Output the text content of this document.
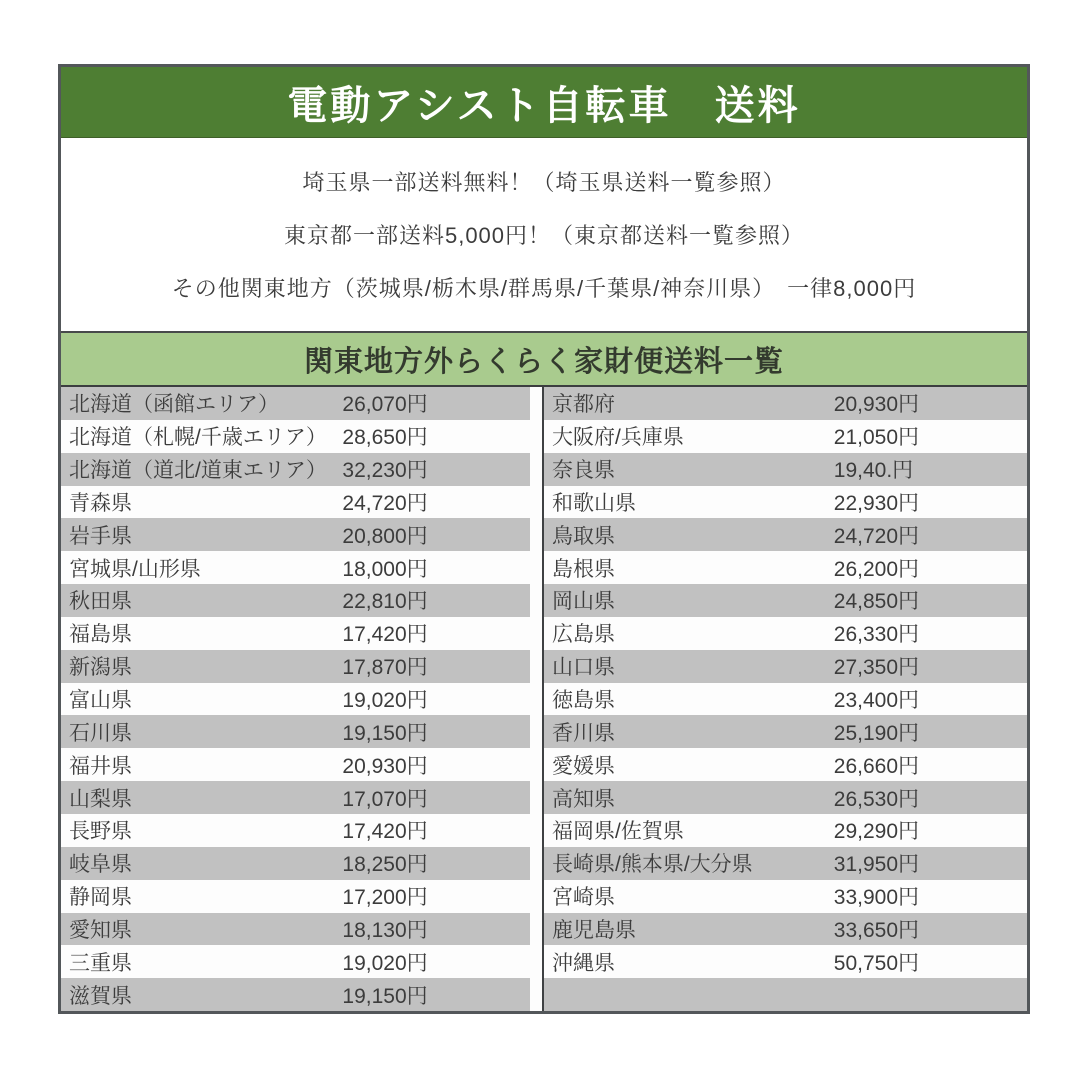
電動アシスト自転車　送料
埼玉県一部送料無料！（埼玉県送料一覧参照）
東京都一部送料5,000円！（東京都送料一覧参照）
その他関東地方（茨城県/栃木県/群馬県/千葉県/神奈川県）　一律8,000円
関東地方外らくらく家財便送料一覧
北海道（函館エリア）	26,070円
北海道（札幌/千歳エリア） 28,650円
北海道（道北/道東エリア） 32,230円
青森県	24,720円
岩手県	20,800円
宮城県/山形県	18,000円
秋田県	22,810円
福島県	17,420円
新潟県	17,870円
富山県	19,020円
石川県	19,150円
福井県	20,930円
山梨県	17,070円
長野県	17,420円
岐阜県	18,250円
静岡県	17,200円
愛知県	18,130円
三重県	19,020円
滋賀県	19,150円
京都府	20,930円
大阪府/兵庫県	21,050円
奈良県	19,40.円
和歌山県	22,930円
鳥取県	24,720円
島根県	26,200円
岡山県	24,850円
広島県	26,330円
山口県	27,350円
徳島県	23,400円
香川県	25,190円
愛媛県	26,660円
高知県	26,530円
福岡県/佐賀県	29,290円
長崎県/熊本県/大分県	31,950円
宮崎県	33,900円
鹿児島県	33,650円
沖縄県	50,750円
